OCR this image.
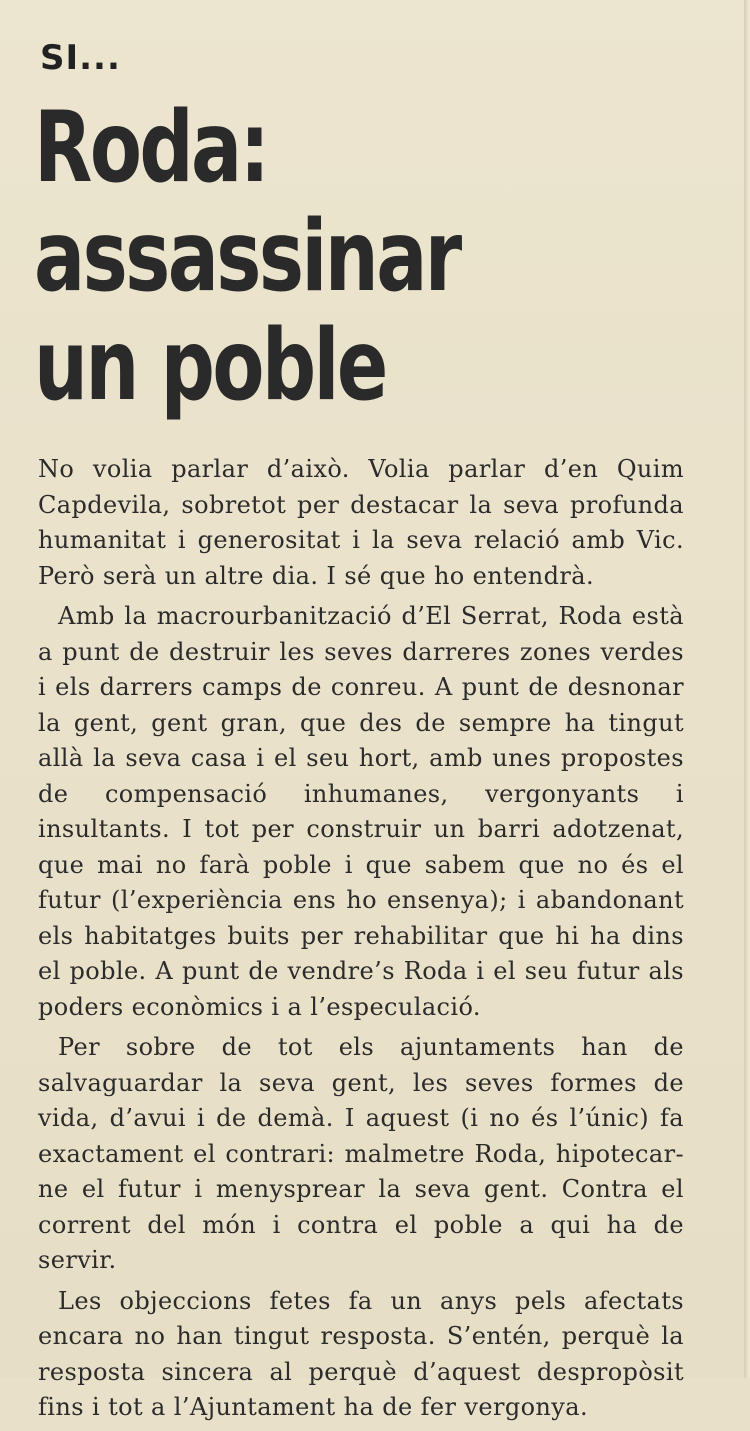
SI...
Roda:
assassinar
un poble

No volia parlar d’això. Volia parlar d’en Quim Capdevila, sobretot per destacar la seva profunda humanitat i generositat i la seva relació amb Vic. Però serà un altre dia. I sé que ho entendrà.

Amb la macrourbanització d’El Serrat, Roda està a punt de destruir les seves darreres zones verdes i els darrers camps de conreu. A punt de desnonar la gent, gent gran, que des de sempre ha tingut allà la seva casa i el seu hort, amb unes propostes de compensació inhumanes, vergonyants i insultants. I tot per construir un barri adotzenat, que mai no farà poble i que sabem que no és el futur (l’experiència ens ho ensenya); i abandonant els habitatges buits per rehabilitar que hi ha dins el poble. A punt de vendre’s Roda i el seu futur als poders econòmics i a l’especulació.

Per sobre de tot els ajuntaments han de salvaguardar la seva gent, les seves formes de vida, d’avui i de demà. I aquest (i no és l’únic) fa exactament el contrari: malmetre Roda, hipotecar-ne el futur i menysprear la seva gent. Contra el corrent del món i contra el poble a qui ha de servir.

Les objeccions fetes fa un anys pels afectats encara no han tingut resposta. S’entén, perquè la resposta sincera al perquè d’aquest despropòsit fins i tot a l’Ajuntament ha de fer vergonya.
